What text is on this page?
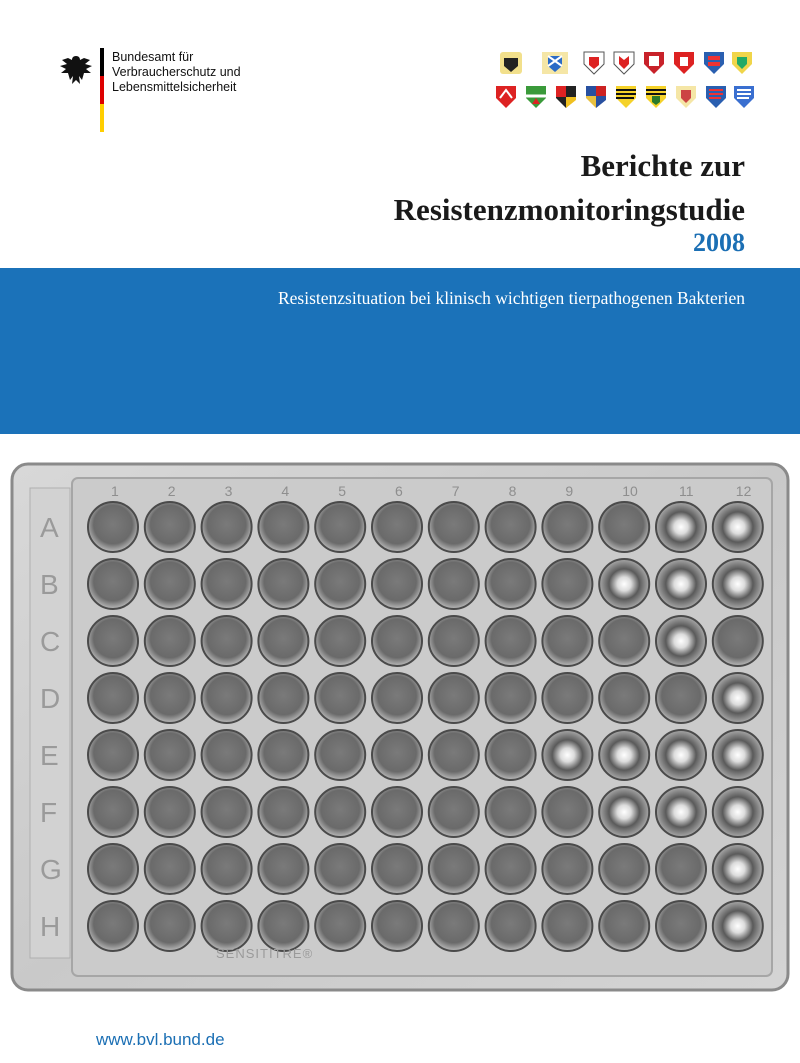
Bundesamt für
Verbraucherschutz und
Lebensmittelsicherheit
Berichte zur
Resistenzmonitoringstudie
2008
Resistenzsituation bei klinisch wichtigen tierpathogenen Bakterien
1	2	3	4	5	6	7	8	9	10	11	12
A
B
C
D
E
F
G
H
SENSITITRE®
www.bvl.bund.de
